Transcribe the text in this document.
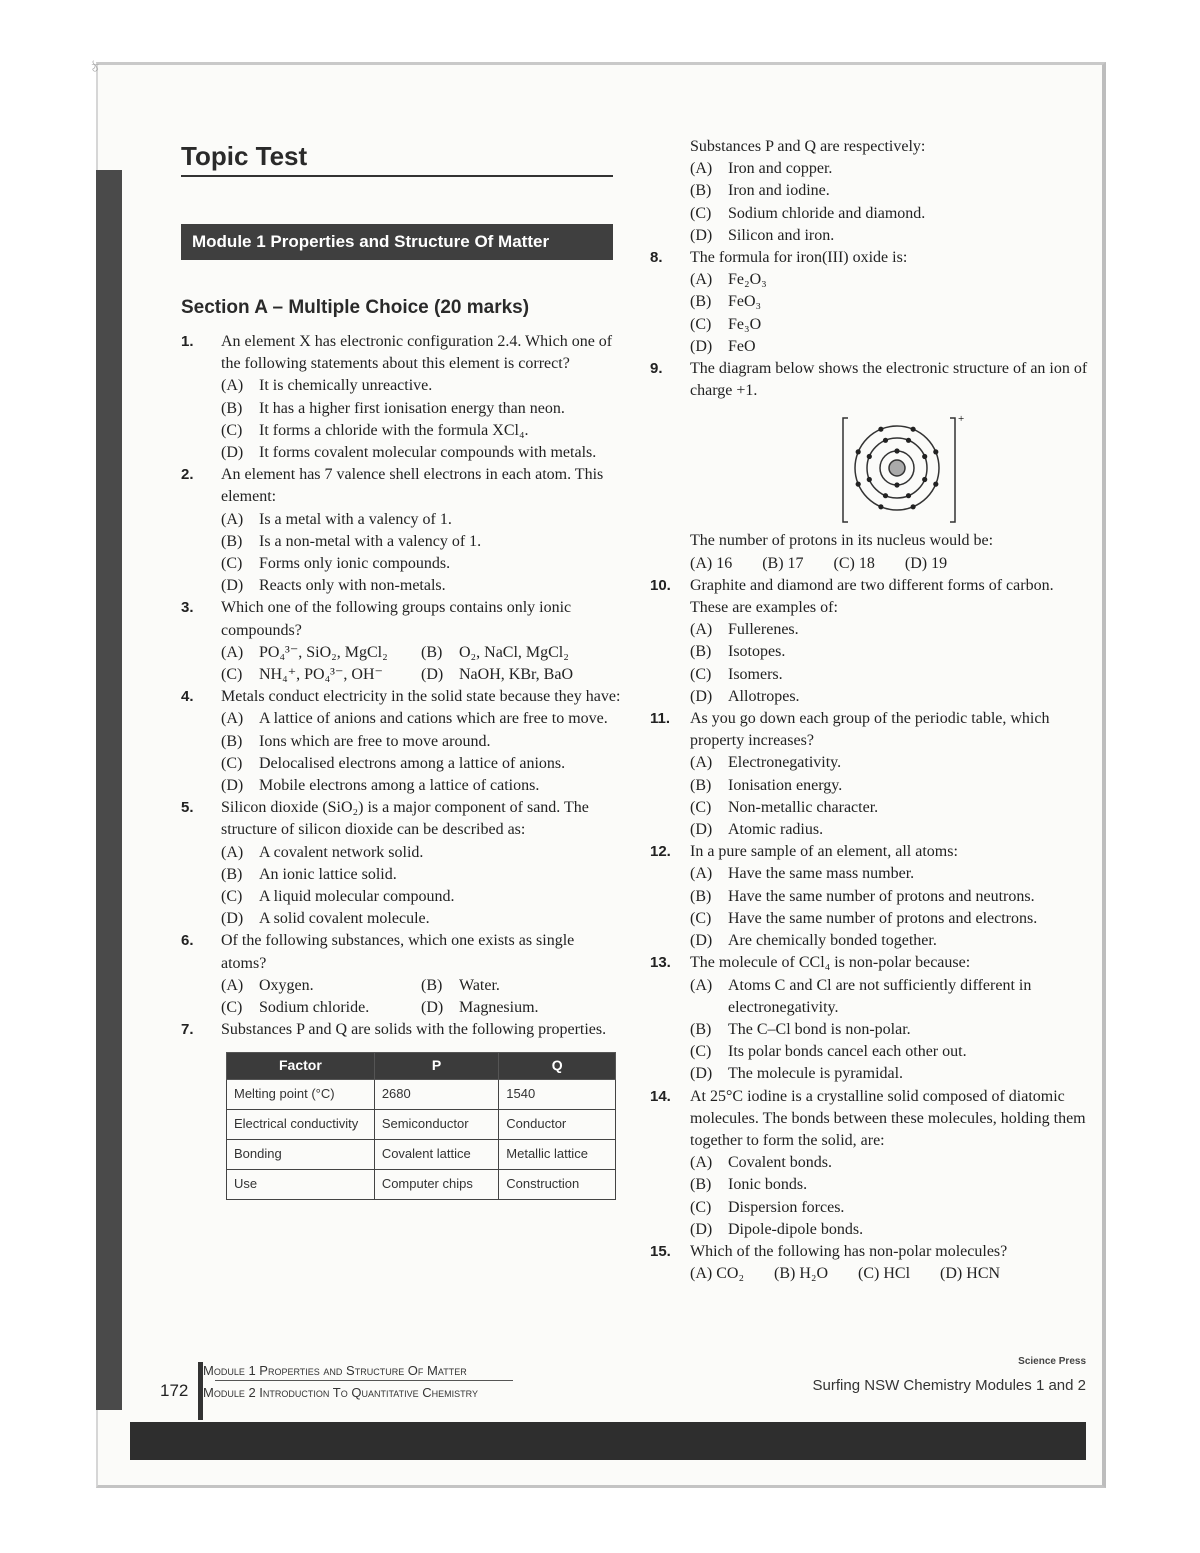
ঠ
Topic Test
Module 1 Properties and Structure Of Matter
Section A – Multiple Choice (20 marks)
1. An element X has electronic configuration 2.4. Which one of the following statements about this element is correct?
(A) It is chemically unreactive.
(B) It has a higher first ionisation energy than neon.
(C) It forms a chloride with the formula XCl₄.
(D) It forms covalent molecular compounds with metals.
2. An element has 7 valence shell electrons in each atom. This element:
(A) Is a metal with a valency of 1.
(B) Is a non-metal with a valency of 1.
(C) Forms only ionic compounds.
(D) Reacts only with non-metals.
3. Which one of the following groups contains only ionic compounds?
(A) PO₄³⁻, SiO₂, MgCl₂	(B) O₂, NaCl, MgCl₂
(C) NH₄⁺, PO₄³⁻, OH⁻	(D) NaOH, KBr, BaO
4. Metals conduct electricity in the solid state because they have:
(A) A lattice of anions and cations which are free to move.
(B) Ions which are free to move around.
(C) Delocalised electrons among a lattice of anions.
(D) Mobile electrons among a lattice of cations.
5. Silicon dioxide (SiO₂) is a major component of sand. The structure of silicon dioxide can be described as:
(A) A covalent network solid.
(B) An ionic lattice solid.
(C) A liquid molecular compound.
(D) A solid covalent molecule.
6. Of the following substances, which one exists as single atoms?
(A) Oxygen.	(B) Water.
(C) Sodium chloride.	(D) Magnesium.
7. Substances P and Q are solids with the following properties.
Factor	P	Q
Melting point (°C)	2680	1540
Electrical conductivity	Semiconductor	Conductor
Bonding	Covalent lattice	Metallic lattice
Use	Computer chips	Construction
Substances P and Q are respectively:
(A) Iron and copper.
(B) Iron and iodine.
(C) Sodium chloride and diamond.
(D) Silicon and iron.
8. The formula for iron(III) oxide is:
(A) Fe₂O₃
(B) FeO₃
(C) Fe₃O
(D) FeO
9. The diagram below shows the electronic structure of an ion of charge +1.
+
The number of protons in its nucleus would be:
(A) 16 (B) 17 (C) 18 (D) 19
10. Graphite and diamond are two different forms of carbon. These are examples of:
(A) Fullerenes.
(B) Isotopes.
(C) Isomers.
(D) Allotropes.
11. As you go down each group of the periodic table, which property increases?
(A) Electronegativity.
(B) Ionisation energy.
(C) Non-metallic character.
(D) Atomic radius.
12. In a pure sample of an element, all atoms:
(A) Have the same mass number.
(B) Have the same number of protons and neutrons.
(C) Have the same number of protons and electrons.
(D) Are chemically bonded together.
13. The molecule of CCl₄ is non-polar because:
(A) Atoms C and Cl are not sufficiently different in electronegativity.
(B) The C–Cl bond is non-polar.
(C) Its polar bonds cancel each other out.
(D) The molecule is pyramidal.
14. At 25°C iodine is a crystalline solid composed of diatomic molecules. The bonds between these molecules, holding them together to form the solid, are:
(A) Covalent bonds.
(B) Ionic bonds.
(C) Dispersion forces.
(D) Dipole-dipole bonds.
15. Which of the following has non-polar molecules?
(A) CO₂ (B) H₂O (C) HCl (D) HCN
172
Module 1 Properties and Structure Of Matter
Module 2 Introduction To Quantitative Chemistry
Science Press
Surfing NSW Chemistry Modules 1 and 2
